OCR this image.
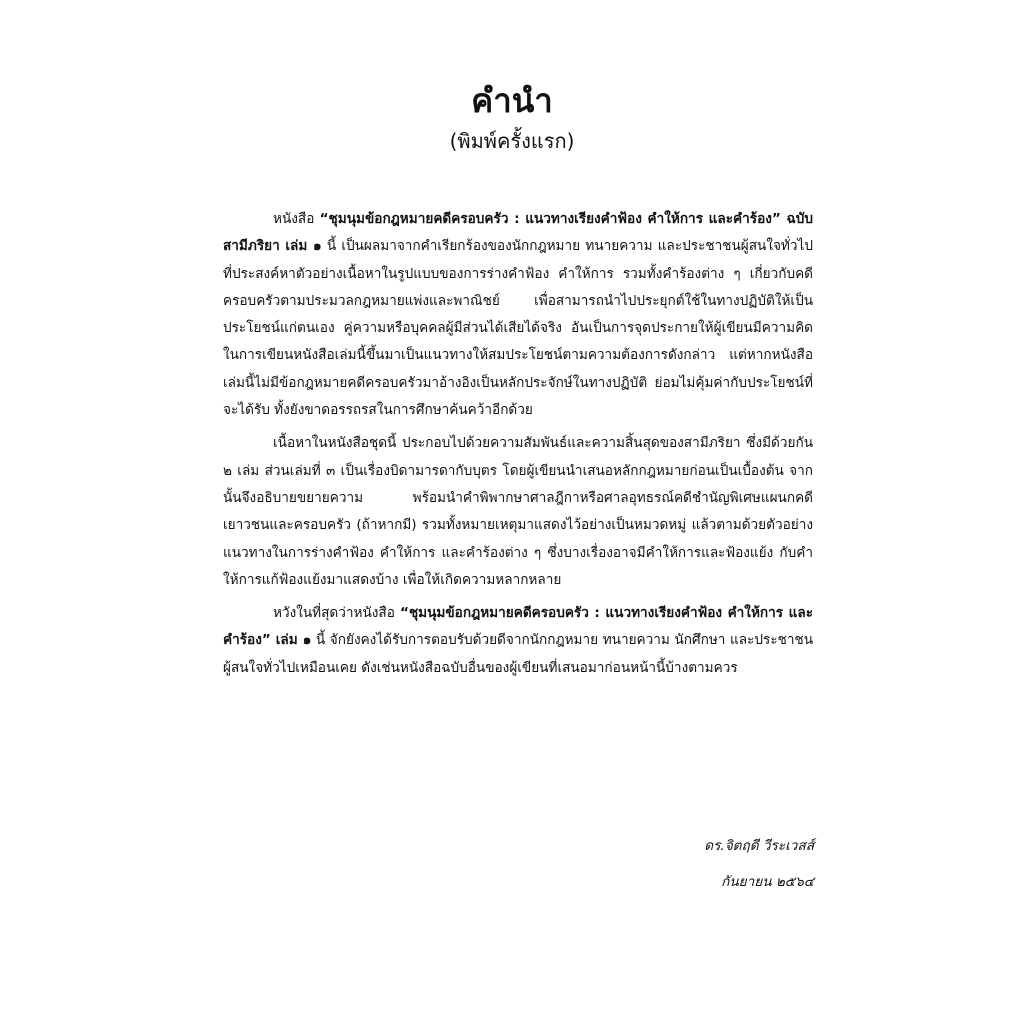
คำนำ
(พิมพ์ครั้งแรก)

หนังสือ “ชุมนุมข้อกฎหมายคดีครอบครัว : แนวทางเรียงคำฟ้อง คำให้การ และคำร้อง” ฉบับสามีภริยา เล่ม ๑ นี้ เป็นผลมาจากคำเรียกร้องของนักกฎหมาย ทนายความ และประชาชนผู้สนใจทั่วไปที่ประสงค์หาตัวอย่างเนื้อหาในรูปแบบของการร่างคำฟ้อง คำให้การ รวมทั้งคำร้องต่าง ๆ เกี่ยวกับคดีครอบครัวตามประมวลกฎหมายแพ่งและพาณิชย์ เพื่อสามารถนำไปประยุกต์ใช้ในทางปฏิบัติให้เป็นประโยชน์แก่ตนเอง คู่ความหรือบุคคลผู้มีส่วนได้เสียได้จริง อันเป็นการจุดประกายให้ผู้เขียนมีความคิดในการเขียนหนังสือเล่มนี้ขึ้นมาเป็นแนวทางให้สมประโยชน์ตามความต้องการดังกล่าว แต่หากหนังสือเล่มนี้ไม่มีข้อกฎหมายคดีครอบครัวมาอ้างอิงเป็นหลักประจักษ์ในทางปฏิบัติ ย่อมไม่คุ้มค่ากับประโยชน์ที่จะได้รับ ทั้งยังขาดอรรถรสในการศึกษาค้นคว้าอีกด้วย

เนื้อหาในหนังสือชุดนี้ ประกอบไปด้วยความสัมพันธ์และความสิ้นสุดของสามีภริยา ซึ่งมีด้วยกัน ๒ เล่ม ส่วนเล่มที่ ๓ เป็นเรื่องบิดามารดากับบุตร โดยผู้เขียนนำเสนอหลักกฎหมายก่อนเป็นเบื้องต้น จากนั้นจึงอธิบายขยายความ พร้อมนำคำพิพากษาศาลฎีกาหรือศาลอุทธรณ์คดีชำนัญพิเศษแผนกคดีเยาวชนและครอบครัว (ถ้าหากมี) รวมทั้งหมายเหตุมาแสดงไว้อย่างเป็นหมวดหมู่ แล้วตามด้วยตัวอย่างแนวทางในการร่างคำฟ้อง คำให้การ และคำร้องต่าง ๆ ซึ่งบางเรื่องอาจมีคำให้การและฟ้องแย้ง กับคำให้การแก้ฟ้องแย้งมาแสดงบ้าง เพื่อให้เกิดความหลากหลาย

หวังในที่สุดว่าหนังสือ “ชุมนุมข้อกฎหมายคดีครอบครัว : แนวทางเรียงคำฟ้อง คำให้การ และคำร้อง” เล่ม ๑ นี้ จักยังคงได้รับการตอบรับด้วยดีจากนักกฎหมาย ทนายความ นักศึกษา และประชาชนผู้สนใจทั่วไปเหมือนเคย ดังเช่นหนังสือฉบับอื่นของผู้เขียนที่เสนอมาก่อนหน้านี้บ้างตามควร

ดร.จิตฤดี วีระเวสส์
กันยายน ๒๕๖๔
